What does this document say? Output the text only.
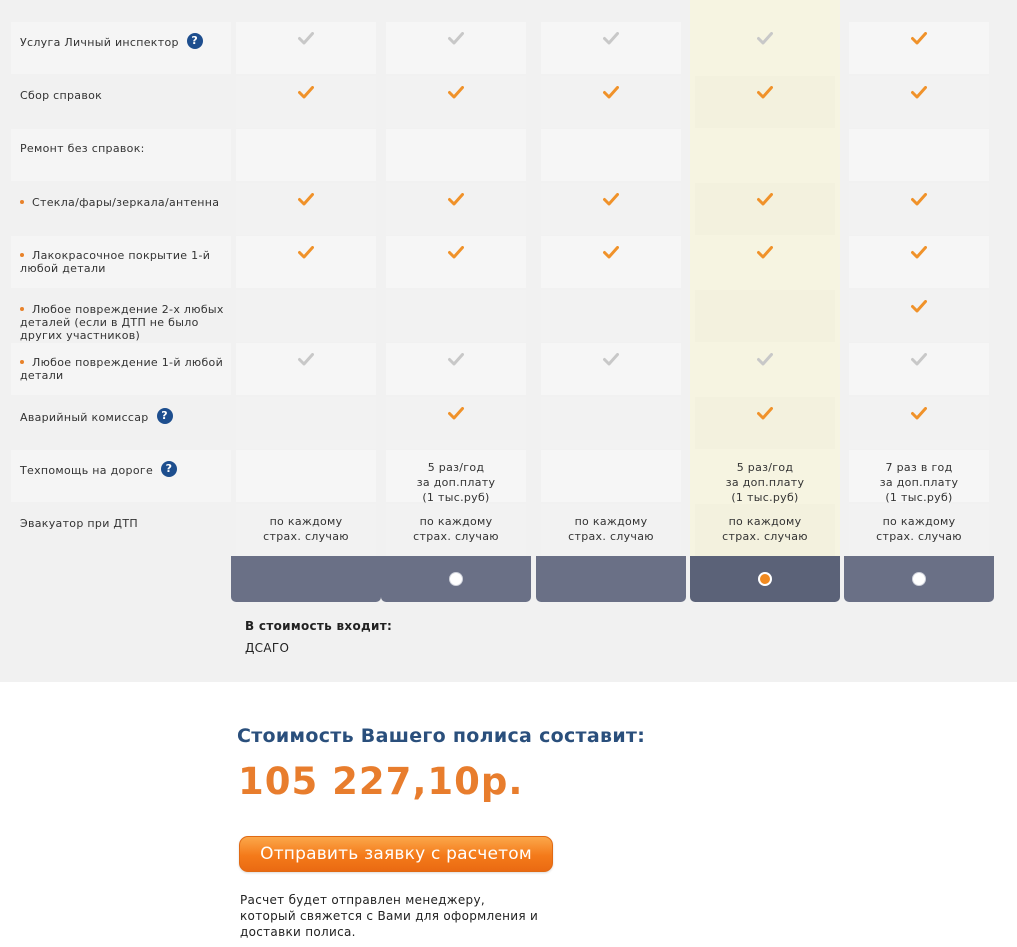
Услуга Личный инспектор ?
Сбор справок
Ремонт без справок:
Стекла/фары/зеркала/антенна
Лакокрасочное покрытие 1-й любой детали
Любое повреждение 2-х любых деталей (если в ДТП не было других участников)
Любое повреждение 1-й любой детали
Аварийный комиссар ?
Техпомощь на дороге ?
Эвакуатор при ДТП	по каждому
страх. случаю
5 раз/год
за доп.плату
(1 тыс.руб)
по каждому
страх. случаю
по каждому
страх. случаю
5 раз/год
за доп.плату
(1 тыс.руб)
по каждому
страх. случаю
7 раз в год
за доп.плату
(1 тыс.руб)
по каждому
страх. случаю
В стоимость входит:
ДСАГО
Стоимость Вашего полиса составит:
105 227,10р.
Отправить заявку с расчетом
Расчет будет отправлен менеджеру, который свяжется с Вами для оформления и доставки полиса.
